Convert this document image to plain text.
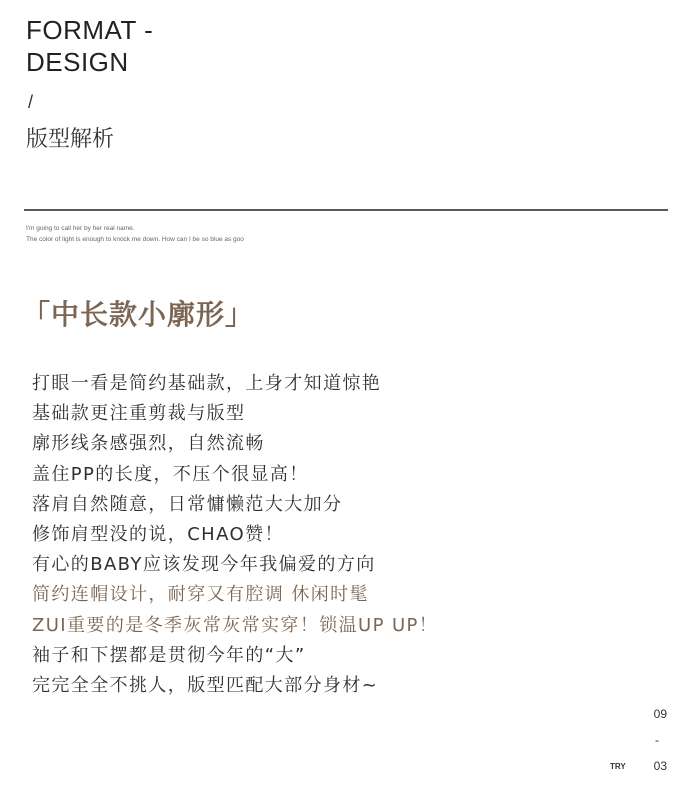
FORMAT -
DESIGN
/
版型解析
I'm going to call her by her real name.
The color of light is enough to knock me down. How can I be so blue as goo
「中长款小廓形」
打眼一看是简约基础款，上身才知道惊艳
基础款更注重剪裁与版型
廓形线条感强烈，自然流畅
盖住PP的长度，不压个很显高！
落肩自然随意，日常慵懒范大大加分
修饰肩型没的说，CHAO赞！
有心的BABY应该发现今年我偏爱的方向
简约连帽设计，耐穿又有腔调 休闲时髦
ZUI重要的是冬季灰常灰常实穿！锁温UP UP！
袖子和下摆都是贯彻今年的“大”
完完全全不挑人，版型匹配大部分身材~
09
-
TRY 03
